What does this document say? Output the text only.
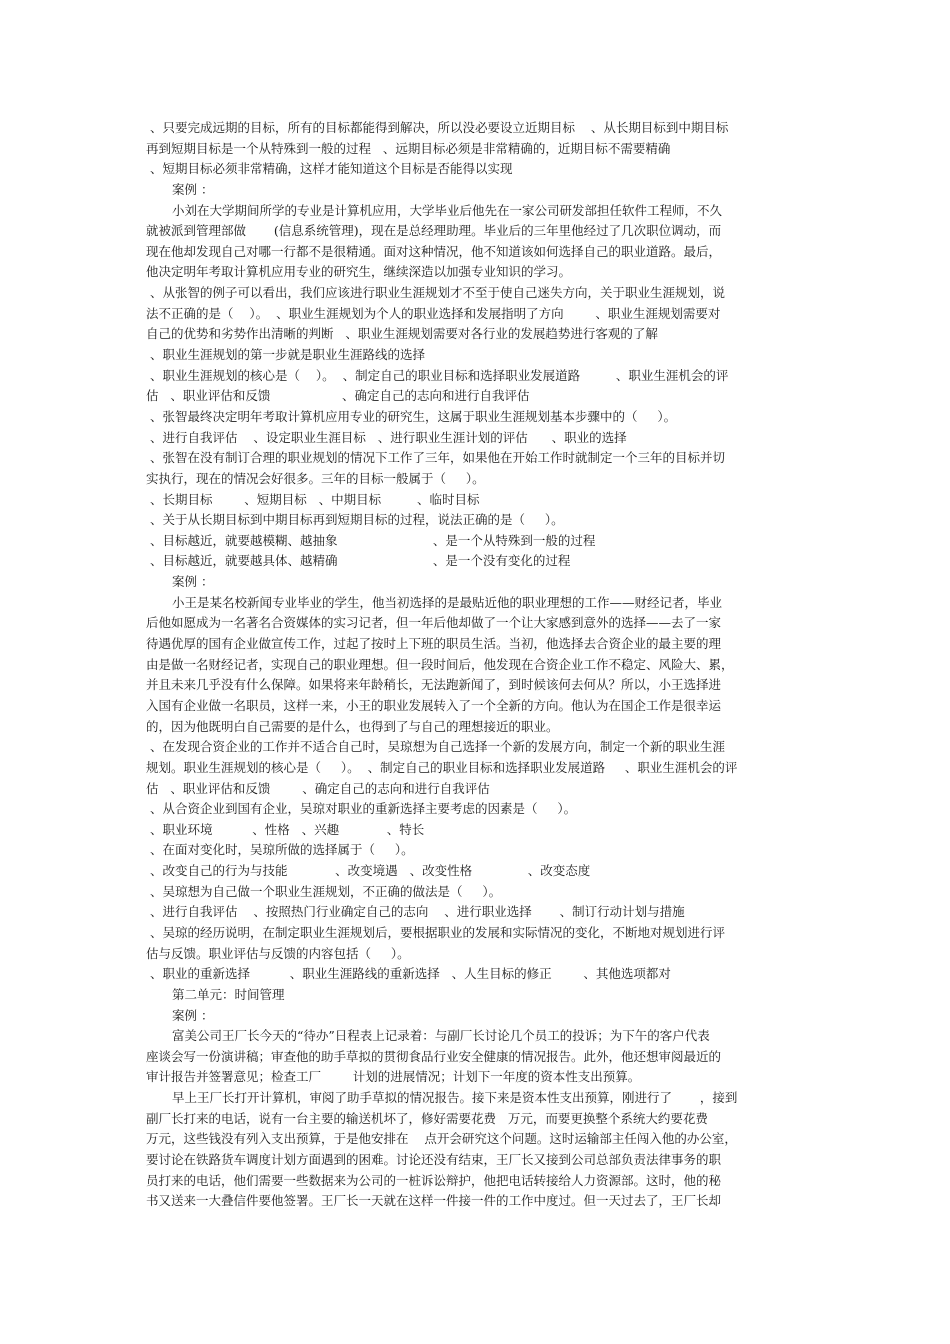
、只要完成远期的目标，所有的目标都能得到解决，所以没必要设立近期目标    、从长期目标到中期目标
再到短期目标是一个从特殊到一般的过程   、远期目标必须是非常精确的，近期目标不需要精确
、短期目标必须非常精确，这样才能知道这个目标是否能得以实现
案例 ：
小刘在大学期间所学的专业是计算机应用，大学毕业后他先在一家公司研发部担任软件工程师，不久
就被派到管理部做       (信息系统管理)，现在是总经理助理。毕业后的三年里他经过了几次职位调动，而
现在他却发现自己对哪一行都不是很精通。面对这种情况，他不知道该如何选择自己的职业道路。最后，
他决定明年考取计算机应用专业的研究生，继续深造以加强专业知识的学习。
、从张智的例子可以看出，我们应该进行职业生涯规划才不至于使自己迷失方向，关于职业生涯规划，说
法不正确的是（    ）。  、职业生涯规划为个人的职业选择和发展指明了方向        、职业生涯规划需要对
自己的优势和劣势作出清晰的判断   、职业生涯规划需要对各行业的发展趋势进行客观的了解
、职业生涯规划的第一步就是职业生涯路线的选择
、职业生涯规划的核心是（    ）。  、制定自己的职业目标和选择职业发展道路         、职业生涯机会的评
估   、职业评估和反馈                  、确定自己的志向和进行自我评估
、张智最终决定明年考取计算机应用专业的研究生，这属于职业生涯规划基本步骤中的（     ）。
、进行自我评估    、设定职业生涯目标   、进行职业生涯计划的评估      、职业的选择
、张智在没有制订合理的职业规划的情况下工作了三年，如果他在开始工作时就制定一个三年的目标并切
实执行，现在的情况会好很多。三年的目标一般属于（     ）。
、长期目标        、短期目标   、中期目标         、临时目标
、关于从长期目标到中期目标再到短期目标的过程，说法正确的是（     ）。
、目标越近，就要越模糊、越抽象                        、是一个从特殊到一般的过程
、目标越近，就要越具体、越精确                        、是一个没有变化的过程
案例 ：
小王是某名校新闻专业毕业的学生，他当初选择的是最贴近他的职业理想的工作——财经记者，毕业
后他如愿成为一名著名合资媒体的实习记者，但一年后他却做了一个让大家感到意外的选择——去了一家
待遇优厚的国有企业做宣传工作，过起了按时上下班的职员生活。当初，他选择去合资企业的最主要的理
由是做一名财经记者，实现自己的职业理想。但一段时间后，他发现在合资企业工作不稳定、风险大、累，
并且未来几乎没有什么保障。如果将来年龄稍长，无法跑新闻了，到时候该何去何从？所以，小王选择进
入国有企业做一名职员，这样一来，小王的职业发展转入了一个全新的方向。他认为在国企工作是很幸运
的，因为他既明白自己需要的是什么，也得到了与自己的理想接近的职业。
、在发现合资企业的工作并不适合自己时，吴琼想为自己选择一个新的发展方向，制定一个新的职业生涯
规划。职业生涯规划的核心是（     ）。  、制定自己的职业目标和选择职业发展道路     、职业生涯机会的评
估   、职业评估和反馈        、确定自己的志向和进行自我评估
、从合资企业到国有企业，吴琼对职业的重新选择主要考虑的因素是（     ）。
、职业环境          、性格   、兴趣            、特长
、在面对变化时，吴琼所做的选择属于（     ）。
、改变自己的行为与技能            、改变境遇   、改变性格              、改变态度
、吴琼想为自己做一个职业生涯规划，不正确的做法是（     ）。
、进行自我评估    、按照热门行业确定自己的志向    、进行职业选择       、制订行动计划与措施
、吴琼的经历说明，在制定职业生涯规划后，要根据职业的发展和实际情况的变化，不断地对规划进行评
估与反馈。职业评估与反馈的内容包括（     ）。
、职业的重新选择          、职业生涯路线的重新选择   、人生目标的修正        、其他选项都对
第二单元：时间管理
案例 ：
富美公司王厂长今天的“待办”日程表上记录着：与副厂长讨论几个员工的投诉；为下午的客户代表
座谈会写一份演讲稿；审查他的助手草拟的贯彻食品行业安全健康的情况报告。此外，他还想审阅最近的
审计报告并签署意见；检查工厂        计划的进展情况；计划下一年度的资本性支出预算。
早上王厂长打开计算机，审阅了助手草拟的情况报告。接下来是资本性支出预算，刚进行了       ，接到
副厂长打来的电话，说有一台主要的输送机坏了，修好需要花费   万元，而要更换整个系统大约要花费
万元，这些钱没有列入支出预算，于是他安排在    点开会研究这个问题。这时运输部主任闯入他的办公室，
要讨论在铁路货车调度计划方面遇到的困难。讨论还没有结束，王厂长又接到公司总部负责法律事务的职
员打来的电话，他们需要一些数据来为公司的一桩诉讼辩护，他把电话转接给人力资源部。这时，他的秘
书又送来一大叠信件要他签署。王厂长一天就在这样一件接一件的工作中度过。但一天过去了，王厂长却
